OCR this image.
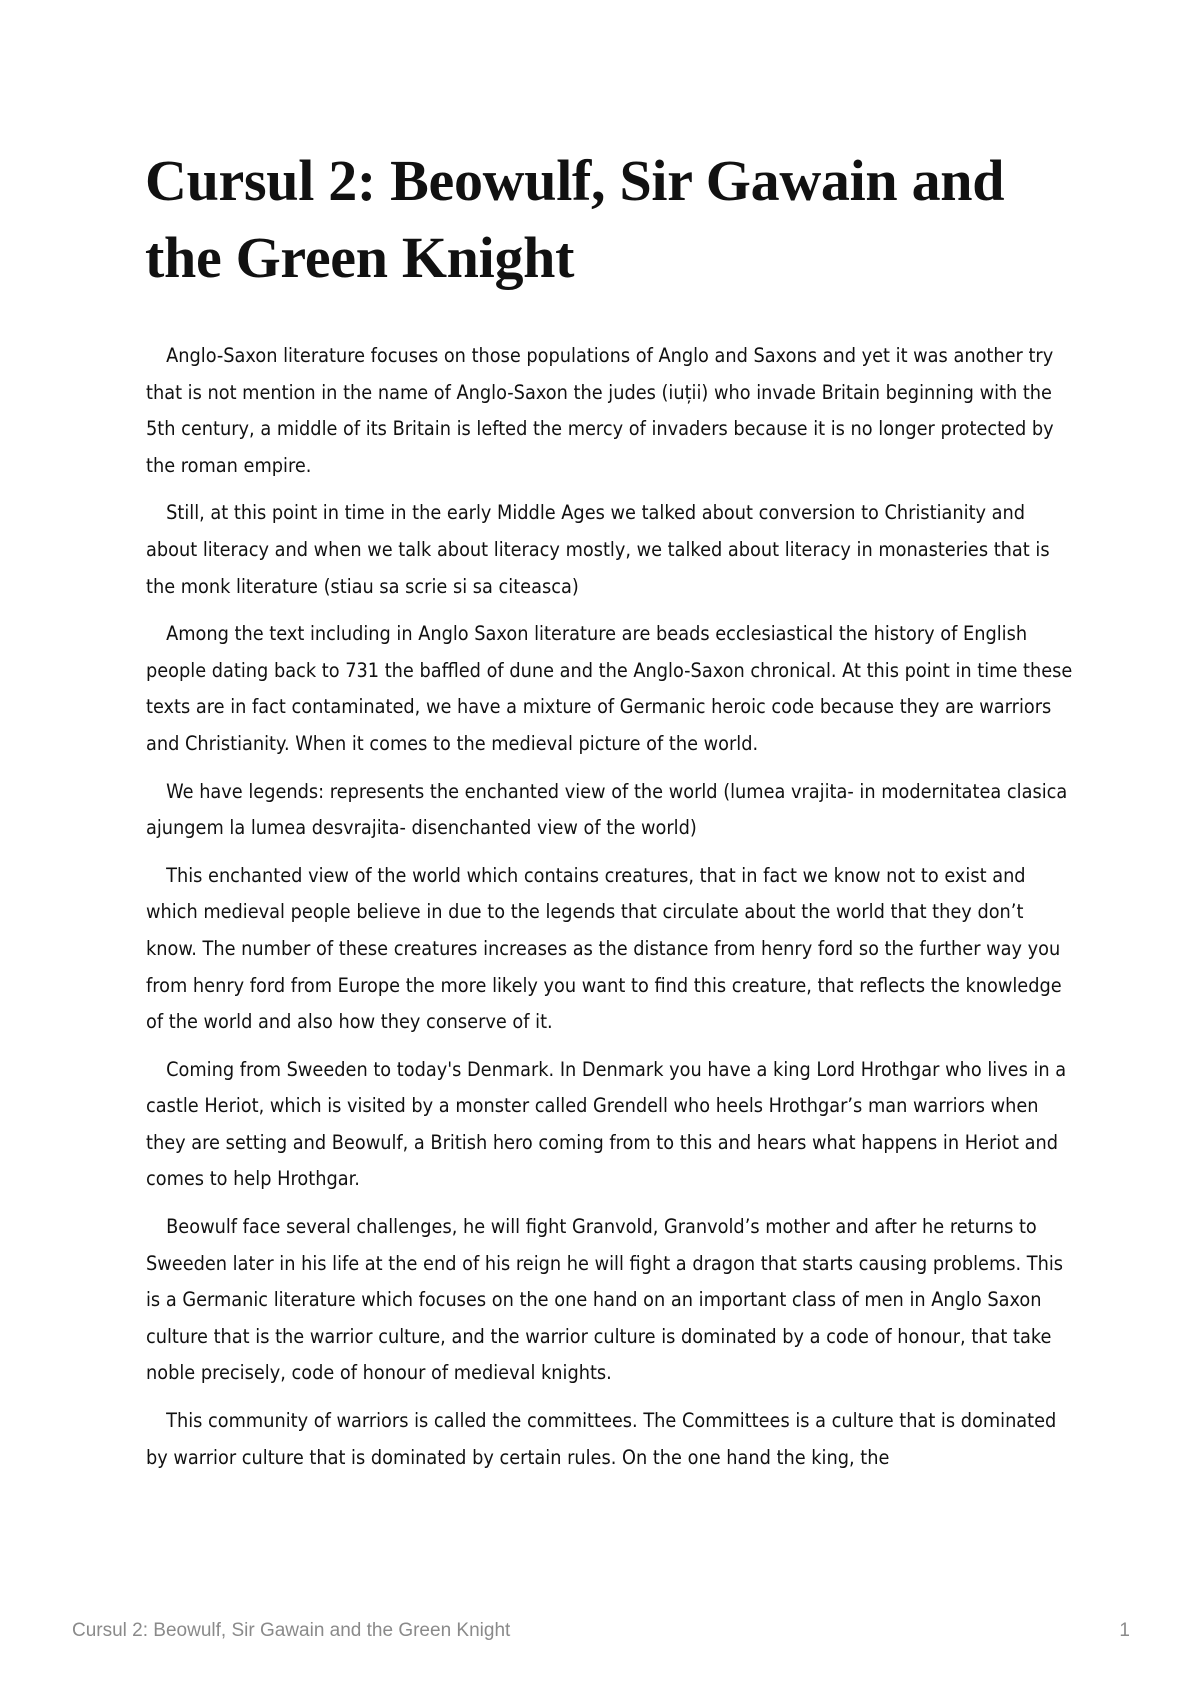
Cursul 2: Beowulf, Sir Gawain and the Green Knight

Anglo-Saxon literature focuses on those populations of Anglo and Saxons and yet it was another try that is not mention in the name of Anglo-Saxon the judes (iuții) who invade Britain beginning with the 5th century, a middle of its Britain is lefted the mercy of invaders because it is no longer protected by the roman empire.

Still, at this point in time in the early Middle Ages we talked about conversion to Christianity and about literacy and when we talk about literacy mostly, we talked about literacy in monasteries that is the monk literature (stiau sa scrie si sa citeasca)

Among the text including in Anglo Saxon literature are beads ecclesiastical the history of English people dating back to 731 the baffled of dune and the Anglo-Saxon chronical. At this point in time these texts are in fact contaminated, we have a mixture of Germanic heroic code because they are warriors and Christianity. When it comes to the medieval picture of the world.

We have legends: represents the enchanted view of the world (lumea vrajita- in modernitatea clasica ajungem la lumea desvrajita- disenchanted view of the world)

This enchanted view of the world which contains creatures, that in fact we know not to exist and which medieval people believe in due to the legends that circulate about the world that they don’t know. The number of these creatures increases as the distance from henry ford so the further way you from henry ford from Europe the more likely you want to find this creature, that reflects the knowledge of the world and also how they conserve of it.

Coming from Sweeden to today's Denmark. In Denmark you have a king Lord Hrothgar who lives in a castle Heriot, which is visited by a monster called Grendell who heels Hrothgar’s man warriors when they are setting and Beowulf, a British hero coming from to this and hears what happens in Heriot and comes to help Hrothgar.

Beowulf face several challenges, he will fight Granvold, Granvold’s mother and after he returns to Sweeden later in his life at the end of his reign he will fight a dragon that starts causing problems. This is a Germanic literature which focuses on the one hand on an important class of men in Anglo Saxon culture that is the warrior culture, and the warrior culture is dominated by a code of honour, that take noble precisely, code of honour of medieval knights.

This community of warriors is called the committees. The Committees is a culture that is dominated by warrior culture that is dominated by certain rules. On the one hand the king, the

Cursul 2: Beowulf, Sir Gawain and the Green Knight	1
